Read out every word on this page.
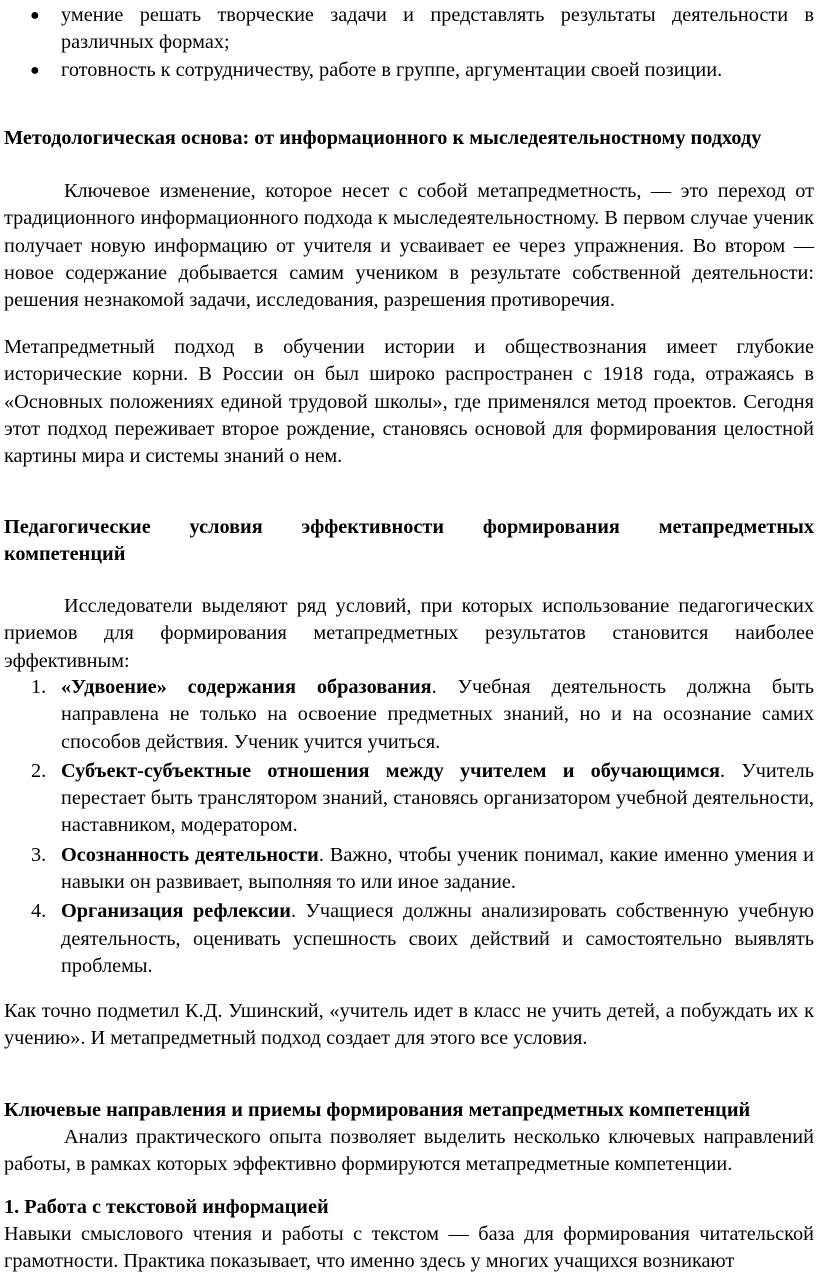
● умение решать творческие задачи и представлять результаты деятельности в различных формах;
● готовность к сотрудничеству, работе в группе, аргументации своей позиции.

Методологическая основа: от информационного к мыследеятельностному подходу

Ключевое изменение, которое несет с собой метапредметность, — это переход от традиционного информационного подхода к мыследеятельностному. В первом случае ученик получает новую информацию от учителя и усваивает ее через упражнения. Во втором — новое содержание добывается самим учеником в результате собственной деятельности: решения незнакомой задачи, исследования, разрешения противоречия.

Метапредметный подход в обучении истории и обществознания имеет глубокие исторические корни. В России он был широко распространен с 1918 года, отражаясь в «Основных положениях единой трудовой школы», где применялся метод проектов. Сегодня этот подход переживает второе рождение, становясь основой для формирования целостной картины мира и системы знаний о нем.

Педагогические условия эффективности формирования метапредметных
компетенций

Исследователи выделяют ряд условий, при которых использование педагогических приемов для формирования метапредметных результатов становится наиболее эффективным:

1. «Удвоение» содержания образования. Учебная деятельность должна быть направлена не только на освоение предметных знаний, но и на осознание самих способов действия. Ученик учится учиться.
2. Субъект-субъектные отношения между учителем и обучающимся. Учитель перестает быть транслятором знаний, становясь организатором учебной деятельности, наставником, модератором.
3. Осознанность деятельности. Важно, чтобы ученик понимал, какие именно умения и навыки он развивает, выполняя то или иное задание.
4. Организация рефлексии. Учащиеся должны анализировать собственную учебную деятельность, оценивать успешность своих действий и самостоятельно выявлять проблемы.

Как точно подметил К.Д. Ушинский, «учитель идет в класс не учить детей, а побуждать их к учению». И метапредметный подход создает для этого все условия.

Ключевые направления и приемы формирования метапредметных компетенций

Анализ практического опыта позволяет выделить несколько ключевых направлений работы, в рамках которых эффективно формируются метапредметные компетенции.

1. Работа с текстовой информацией

Навыки смыслового чтения и работы с текстом — база для формирования читательской грамотности. Практика показывает, что именно здесь у многих учащихся возникают
